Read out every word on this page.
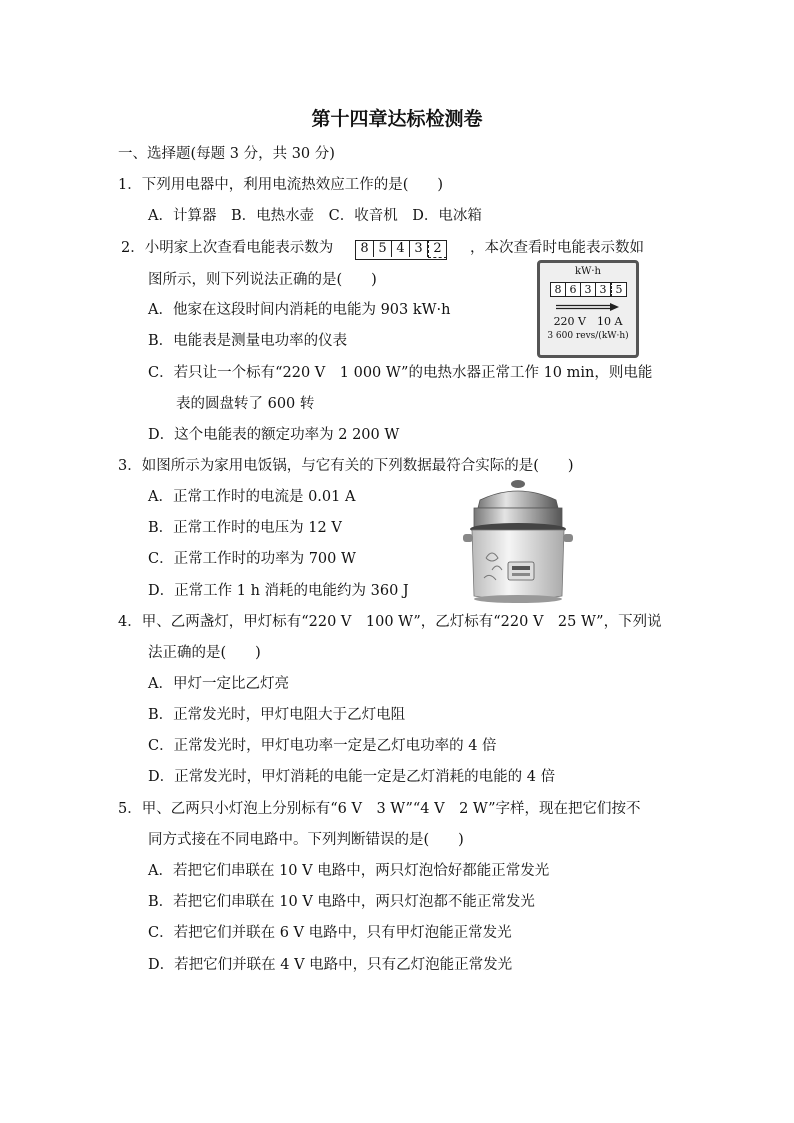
第十四章达标检测卷
一、选择题(每题 3 分，共 30 分)
1．下列用电器中，利用电流热效应工作的是(　　)
A．计算器　B．电热水壶　C．收音机　D．电冰箱
2．小明家上次查看电能表示数为	8 5 4 3 2	，本次查看时电能表示数如
图所示，则下列说法正确的是(　　)
kW·h
8 6 3 3 5
220 V　10 A
3 600 revs/(kW·h)
A．他家在这段时间内消耗的电能为 903 kW·h
B．电能表是测量电功率的仪表
C．若只让一个标有“220 V　1 000 W”的电热水器正常工作 10 min，则电能
表的圆盘转了 600 转
D．这个电能表的额定功率为 2 200 W
3．如图所示为家用电饭锅，与它有关的下列数据最符合实际的是(　　)
A．正常工作时的电流是 0.01 A
B．正常工作时的电压为 12 V
C．正常工作时的功率为 700 W
D．正常工作 1 h 消耗的电能约为 360 J
4．甲、乙两盏灯，甲灯标有“220 V　100 W”，乙灯标有“220 V　25 W”，下列说
法正确的是(　　)
A．甲灯一定比乙灯亮
B．正常发光时，甲灯电阻大于乙灯电阻
C．正常发光时，甲灯电功率一定是乙灯电功率的 4 倍
D．正常发光时，甲灯消耗的电能一定是乙灯消耗的电能的 4 倍
5．甲、乙两只小灯泡上分别标有“6 V　3 W”“4 V　2 W”字样，现在把它们按不
同方式接在不同电路中。下列判断错误的是(　　)
A．若把它们串联在 10 V 电路中，两只灯泡恰好都能正常发光
B．若把它们串联在 10 V 电路中，两只灯泡都不能正常发光
C．若把它们并联在 6 V 电路中，只有甲灯泡能正常发光
D．若把它们并联在 4 V 电路中，只有乙灯泡能正常发光
